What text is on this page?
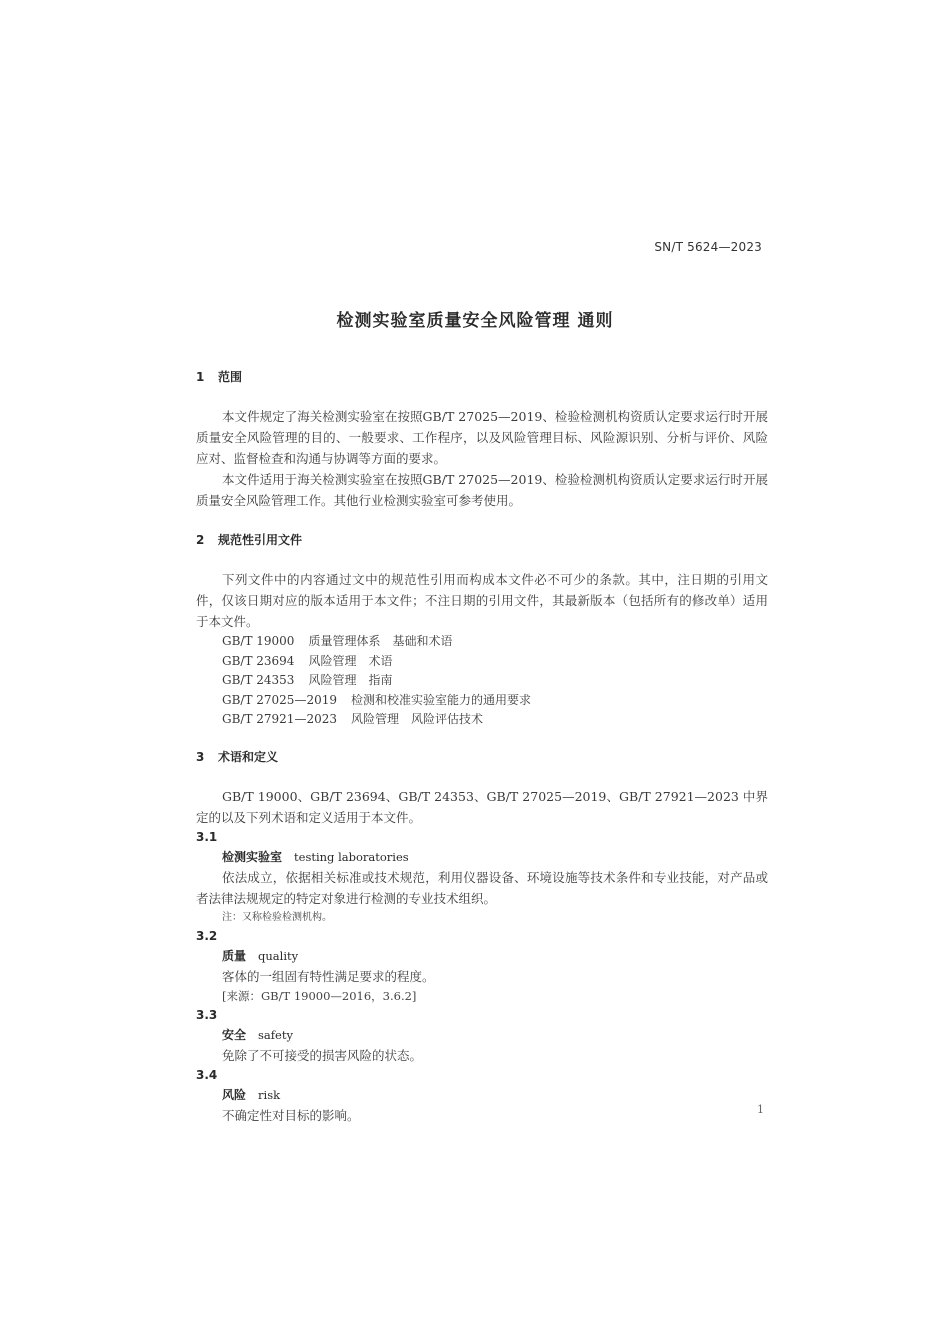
SN/T 5624—2023
检测实验室质量安全风险管理 通则
1 范围

本文件规定了海关检测实验室在按照GB/T 27025—2019、检验检测机构资质认定要求运行时开展质量安全风险管理的目的、一般要求、工作程序，以及风险管理目标、风险源识别、分析与评价、风险应对、监督检查和沟通与协调等方面的要求。

本文件适用于海关检测实验室在按照GB/T 27025—2019、检验检测机构资质认定要求运行时开展质量安全风险管理工作。其他行业检测实验室可参考使用。

2 规范性引用文件

下列文件中的内容通过文中的规范性引用而构成本文件必不可少的条款。其中，注日期的引用文件，仅该日期对应的版本适用于本文件；不注日期的引用文件，其最新版本（包括所有的修改单）适用于本文件。

GB/T 19000 质量管理体系　基础和术语
GB/T 23694 风险管理　术语
GB/T 24353 风险管理　指南
GB/T 27025—2019 检测和校准实验室能力的通用要求
GB/T 27921—2023 风险管理　风险评估技术
3 术语和定义

GB/T 19000、GB/T 23694、GB/T 24353、GB/T 27025—2019、GB/T 27921—2023 中界定的以及下列术语和定义适用于本文件。

3.1
检测实验室 testing laboratories

依法成立，依据相关标准或技术规范，利用仪器设备、环境设施等技术条件和专业技能，对产品或者法律法规规定的特定对象进行检测的专业技术组织。

注：又称检验检测机构。
3.2
质量 quality

客体的一组固有特性满足要求的程度。

[来源：GB/T 19000—2016，3.6.2]
3.3
安全 safety

免除了不可接受的损害风险的状态。

3.4
风险 risk

不确定性对目标的影响。	1
